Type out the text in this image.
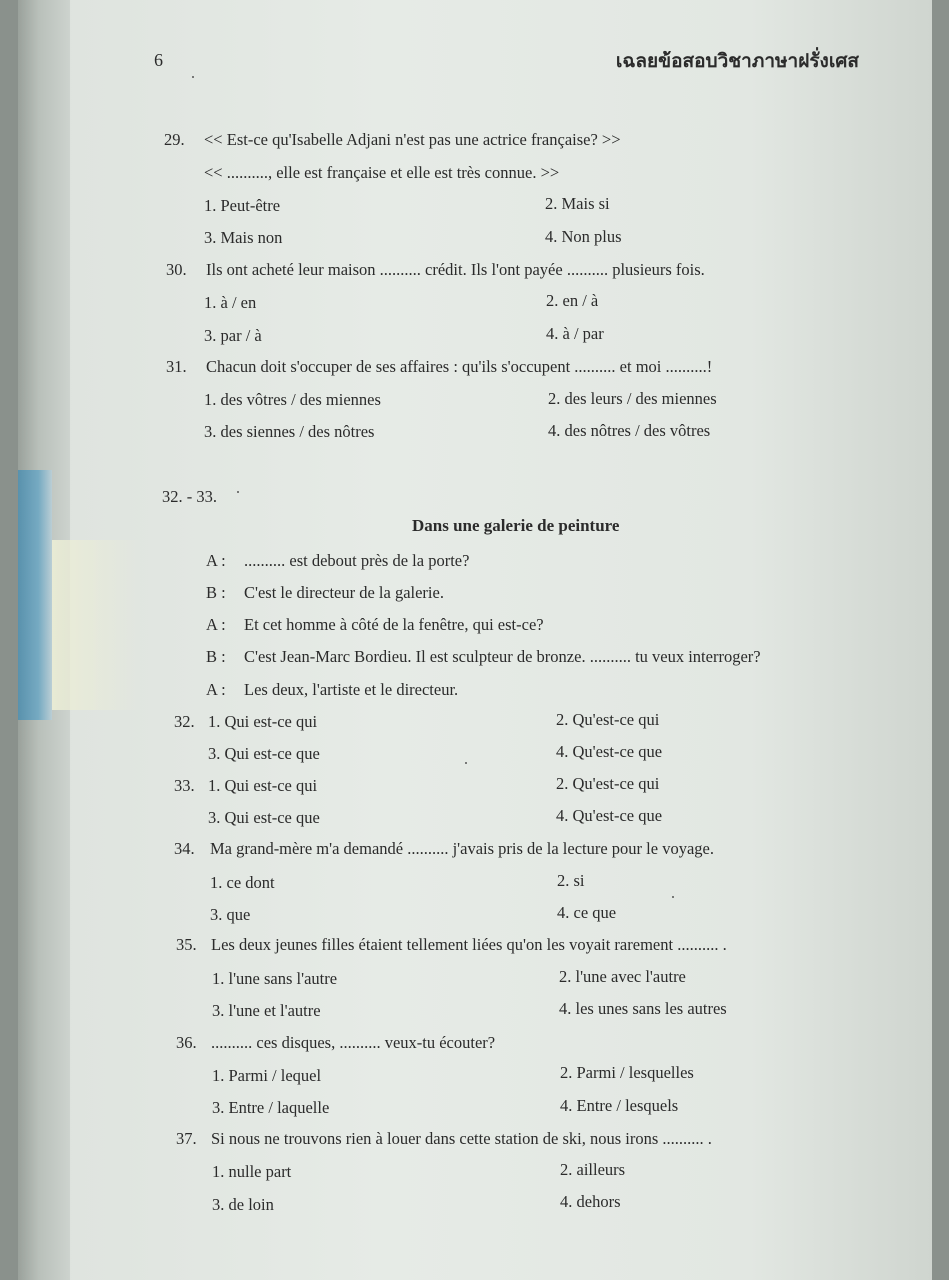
6	เฉลยข้อสอบวิชาภาษาฝรั่งเศส
29. << Est-ce qu'Isabelle Adjani n'est pas une actrice française? >>
<< .........., elle est française et elle est très connue. >>
1. Peut-être	2. Mais si
3. Mais non	4. Non plus
30. Ils ont acheté leur maison .......... crédit. Ils l'ont payée .......... plusieurs fois.
1. à / en	2. en / à
3. par / à	4. à / par
31. Chacun doit s'occuper de ses affaires : qu'ils s'occupent .......... et moi ..........!
1. des vôtres / des miennes	2. des leurs / des miennes
3. des siennes / des nôtres	4. des nôtres / des vôtres
32. - 33.
Dans une galerie de peinture
A : .......... est debout près de la porte?
B : C'est le directeur de la galerie.
A : Et cet homme à côté de la fenêtre, qui est-ce?
B : C'est Jean-Marc Bordieu. Il est sculpteur de bronze. .......... tu veux interroger?
A : Les deux, l'artiste et le directeur.
32. 1. Qui est-ce qui	2. Qu'est-ce qui
3. Qui est-ce que	4. Qu'est-ce que
33. 1. Qui est-ce qui	2. Qu'est-ce qui
3. Qui est-ce que	4. Qu'est-ce que
34. Ma grand-mère m'a demandé .......... j'avais pris de la lecture pour le voyage.
1. ce dont	2. si
3. que	4. ce que
35. Les deux jeunes filles étaient tellement liées qu'on les voyait rarement .......... .
1. l'une sans l'autre	2. l'une avec l'autre
3. l'une et l'autre	4. les unes sans les autres
36. .......... ces disques, .......... veux-tu écouter?
1. Parmi / lequel	2. Parmi / lesquelles
3. Entre / laquelle	4. Entre / lesquels
37. Si nous ne trouvons rien à louer dans cette station de ski, nous irons .......... .
1. nulle part	2. ailleurs
3. de loin	4. dehors
